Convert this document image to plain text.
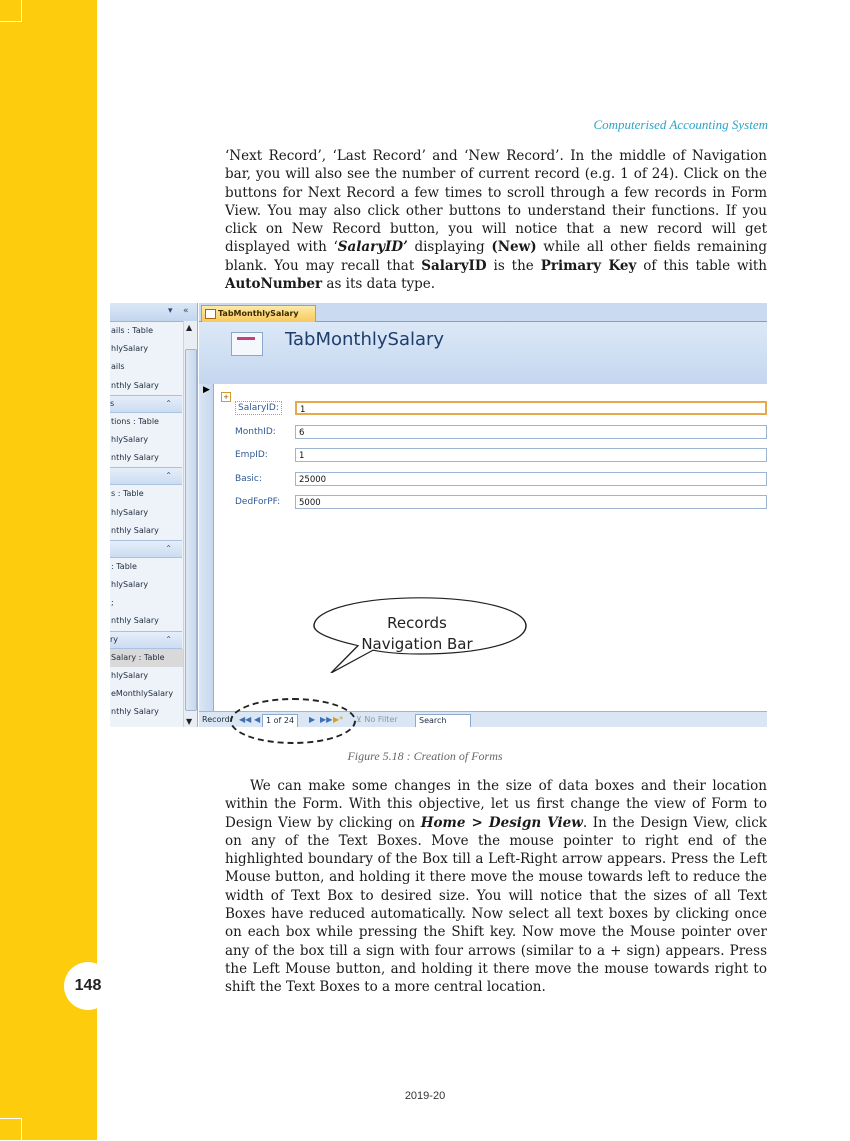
148
Computerised Accounting System

‘Next Record’, ‘Last Record’ and ‘New Record’. In the middle of Navigation bar, you will also see the number of current record (e.g. 1 of 24). Click on the buttons for Next Record a few times to scroll through a few records in Form View. You may also click other buttons to understand their functions. If you click on New Record button, you will notice that a new record will get displayed with ‘SalaryID’ displaying (New) while all other fields remaining blank. You may recall that SalaryID is the Primary Key of this table with AutoNumber as its data type.

▾ «
ails : Table
hlySalary
ails
nthly Salary
s	⌃
tions : Table
hlySalary
nthly Salary
⌃
s : Table
hlySalary
nthly Salary
⌃
: Table
hlySalary
;
nthly Salary
ry	⌃
Salary : Table
hlySalary
eMonthlySalary
nthly Salary
▲
▼
TabMonthlySalary
TabMonthlySalary
▶
+
SalaryID:	1
MonthID:	6
EmpID:	1
Basic:	25000
DedForPF:	5000
Record: ◀◀ ◀ 1 of 24	▶ ▶▶ ▶* ⊻ No Filter	Search
Records
Navigation Bar
Figure 5.18 : Creation of Forms

We can make some changes in the size of data boxes and their location within the Form. With this objective, let us first change the view of Form to Design View by clicking on Home > Design View. In the Design View, click on any of the Text Boxes. Move the mouse pointer to right end of the highlighted boundary of the Box till a Left-Right arrow appears. Press the Left Mouse button, and holding it there move the mouse towards left to reduce the width of Text Box to desired size. You will notice that the sizes of all Text Boxes have reduced automatically. Now select all text boxes by clicking once on each box while pressing the Shift key. Now move the Mouse pointer over any of the box till a sign with four arrows (similar to a + sign) appears. Press the Left Mouse button, and holding it there move the mouse towards right to shift the Text Boxes to a more central location.

2019-20
